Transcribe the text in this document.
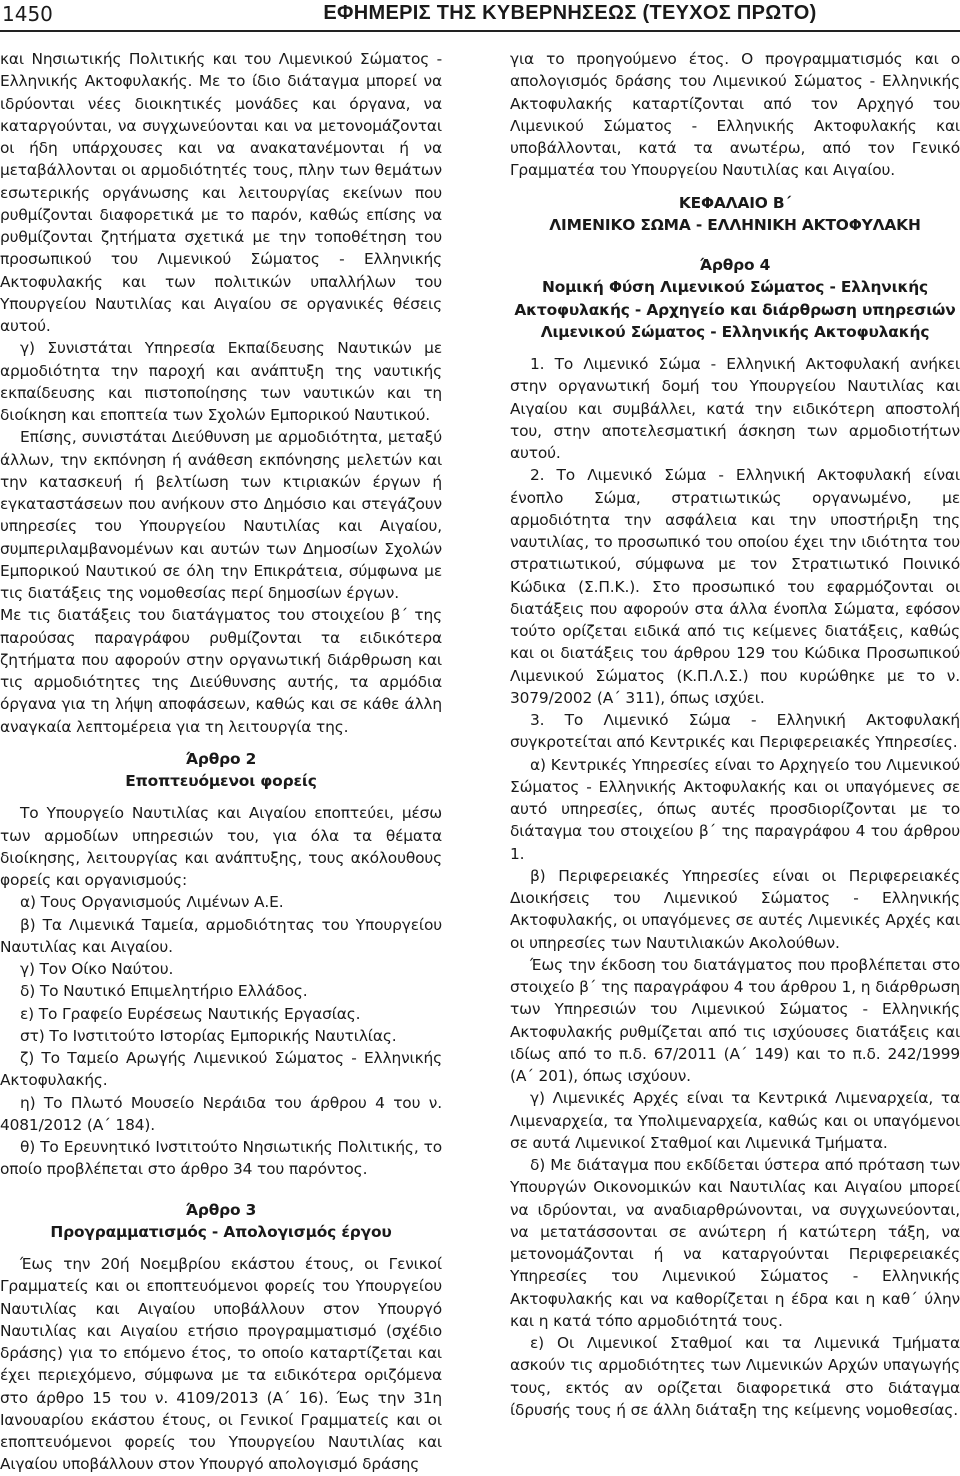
1450	ΕΦΗΜΕΡΙΣ ΤΗΣ ΚΥΒΕΡΝΗΣΕΩΣ (ΤΕΥΧΟΣ ΠΡΩΤΟ)

και Νησιωτικής Πολιτικής και του Λιμενικού Σώματος - Ελληνικής Ακτοφυλακής. Με το ίδιο διάταγμα μπορεί να ιδρύονται νέες διοικητικές μονάδες και όργανα, να καταργούνται, να συγχωνεύονται και να μετονομάζονται οι ήδη υπάρχουσες και να ανακατανέμονται ή να μεταβάλλονται οι αρμοδιότητές τους, πλην των θεμάτων εσωτερικής οργάνωσης και λειτουργίας εκείνων που ρυθμίζονται διαφορετικά με το παρόν, καθώς επίσης να ρυθμίζονται ζητήματα σχετικά με την τοποθέτηση του προσωπικού του Λιμενικού Σώματος - Ελληνικής Ακτοφυλακής και των πολιτικών υπαλλήλων του Υπουργείου Ναυτιλίας και Αιγαίου σε οργανικές θέσεις αυτού.

γ) Συνιστάται Υπηρεσία Εκπαίδευσης Ναυτικών με αρμοδιότητα την παροχή και ανάπτυξη της ναυτικής εκπαίδευσης και πιστοποίησης των ναυτικών και τη διοίκηση και εποπτεία των Σχολών Εμπορικού Ναυτικού.

Επίσης, συνιστάται Διεύθυνση με αρμοδιότητα, μεταξύ άλλων, την εκπόνηση ή ανάθεση εκπόνησης μελετών και την κατασκευή ή βελτίωση των κτιριακών έργων ή εγκαταστάσεων που ανήκουν στο Δημόσιο και στεγάζουν υπηρεσίες του Υπουργείου Ναυτιλίας και Αιγαίου, συμπεριλαμβανομένων και αυτών των Δημοσίων Σχολών Εμπορικού Ναυτικού σε όλη την Επικράτεια, σύμφωνα με τις διατάξεις της νομοθεσίας περί δημοσίων έργων.

Με τις διατάξεις του διατάγματος του στοιχείου β΄ της παρούσας παραγράφου ρυθμίζονται τα ειδικότερα ζητήματα που αφορούν στην οργανωτική διάρθρωση και τις αρμοδιότητες της Διεύθυνσης αυτής, τα αρμόδια όργανα για τη λήψη αποφάσεων, καθώς και σε κάθε άλλη αναγκαία λεπτομέρεια για τη λειτουργία της.

Άρθρο 2
Εποπτευόμενοι φορείς

Το Υπουργείο Ναυτιλίας και Αιγαίου εποπτεύει, μέσω των αρμοδίων υπηρεσιών του, για όλα τα θέματα διοίκησης, λειτουργίας και ανάπτυξης, τους ακόλουθους φορείς και οργανισμούς:

α) Τους Οργανισμούς Λιμένων Α.Ε.

β) Τα Λιμενικά Ταμεία, αρμοδιότητας του Υπουργείου Ναυτιλίας και Αιγαίου.

γ) Τον Οίκο Ναύτου.

δ) Το Ναυτικό Επιμελητήριο Ελλάδος.

ε) Το Γραφείο Ευρέσεως Ναυτικής Εργασίας.

στ) Το Ινστιτούτο Ιστορίας Εμπορικής Ναυτιλίας.

ζ) Το Ταμείο Αρωγής Λιμενικού Σώματος - Ελληνικής Ακτοφυλακής.

η) Το Πλωτό Μουσείο Νεράιδα του άρθρου 4 του ν. 4081/2012 (Α΄ 184).

θ) Το Ερευνητικό Ινστιτούτο Νησιωτικής Πολιτικής, το οποίο προβλέπεται στο άρθρο 34 του παρόντος.

Άρθρο 3
Προγραμματισμός - Απολογισμός έργου

Έως την 20ή Νοεμβρίου εκάστου έτους, οι Γενικοί Γραμματείς και οι εποπτευόμενοι φορείς του Υπουργείου Ναυτιλίας και Αιγαίου υποβάλλουν στον Υπουργό Ναυτιλίας και Αιγαίου ετήσιο προγραμματισμό (σχέδιο δράσης) για το επόμενο έτος, το οποίο καταρτίζεται και έχει περιεχόμενο, σύμφωνα με τα ειδικότερα οριζόμενα στο άρθρο 15 του ν. 4109/2013 (Α΄ 16). Έως την 31η Ιανουαρίου εκάστου έτους, οι Γενικοί Γραμματείς και οι εποπτευόμενοι φορείς του Υπουργείου Ναυτιλίας και Αιγαίου υποβάλλουν στον Υπουργό απολογισμό δράσης

για το προηγούμενο έτος. Ο προγραμματισμός και ο απολογισμός δράσης του Λιμενικού Σώματος - Ελληνικής Ακτοφυλακής καταρτίζονται από τον Αρχηγό του Λιμενικού Σώματος - Ελληνικής Ακτοφυλακής και υποβάλλονται, κατά τα ανωτέρω, από τον Γενικό Γραμματέα του Υπουργείου Ναυτιλίας και Αιγαίου.

ΚΕΦΑΛΑΙΟ Β΄
ΛΙΜΕΝΙΚΟ ΣΩΜΑ - ΕΛΛΗΝΙΚΗ ΑΚΤΟΦΥΛΑΚΗ
Άρθρο 4
Νομική Φύση Λιμενικού Σώματος - Ελληνικής Ακτοφυλακής - Αρχηγείο και διάρθρωση υπηρεσιών Λιμενικού Σώματος - Ελληνικής Ακτοφυλακής

1. Το Λιμενικό Σώμα - Ελληνική Ακτοφυλακή ανήκει στην οργανωτική δομή του Υπουργείου Ναυτιλίας και Αιγαίου και συμβάλλει, κατά την ειδικότερη αποστολή του, στην αποτελεσματική άσκηση των αρμοδιοτήτων αυτού.

2. Το Λιμενικό Σώμα - Ελληνική Ακτοφυλακή είναι ένοπλο Σώμα, στρατιωτικώς οργανωμένο, με αρμοδιότητα την ασφάλεια και την υποστήριξη της ναυτιλίας, το προσωπικό του οποίου έχει την ιδιότητα του στρατιωτικού, σύμφωνα με τον Στρατιωτικό Ποινικό Κώδικα (Σ.Π.Κ.). Στο προσωπικό του εφαρμόζονται οι διατάξεις που αφορούν στα άλλα ένοπλα Σώματα, εφόσον τούτο ορίζεται ειδικά από τις κείμενες διατάξεις, καθώς και οι διατάξεις του άρθρου 129 του Κώδικα Προσωπικού Λιμενικού Σώματος (Κ.Π.Λ.Σ.) που κυρώθηκε με το ν. 3079/2002 (Α΄ 311), όπως ισχύει.

3. Το Λιμενικό Σώμα - Ελληνική Ακτοφυλακή συγκροτείται από Κεντρικές και Περιφερειακές Υπηρεσίες.

α) Κεντρικές Υπηρεσίες είναι το Αρχηγείο του Λιμενικού Σώματος - Ελληνικής Ακτοφυλακής και οι υπαγόμενες σε αυτό υπηρεσίες, όπως αυτές προσδιορίζονται με το διάταγμα του στοιχείου β΄ της παραγράφου 4 του άρθρου 1.

β) Περιφερειακές Υπηρεσίες είναι οι Περιφερειακές Διοικήσεις του Λιμενικού Σώματος - Ελληνικής Ακτοφυλακής, οι υπαγόμενες σε αυτές Λιμενικές Αρχές και οι υπηρεσίες των Ναυτιλιακών Ακολούθων.

Έως την έκδοση του διατάγματος που προβλέπεται στο στοιχείο β΄ της παραγράφου 4 του άρθρου 1, η διάρθρωση των Υπηρεσιών του Λιμενικού Σώματος - Ελληνικής Ακτοφυλακής ρυθμίζεται από τις ισχύουσες διατάξεις και ιδίως από το π.δ. 67/2011 (Α΄ 149) και το π.δ. 242/1999 (Α΄ 201), όπως ισχύουν.

γ) Λιμενικές Αρχές είναι τα Κεντρικά Λιμεναρχεία, τα Λιμεναρχεία, τα Υπολιμεναρχεία, καθώς και οι υπαγόμενοι σε αυτά Λιμενικοί Σταθμοί και Λιμενικά Τμήματα.

δ) Με διάταγμα που εκδίδεται ύστερα από πρόταση των Υπουργών Οικονομικών και Ναυτιλίας και Αιγαίου μπορεί να ιδρύονται, να αναδιαρθρώνονται, να συγχωνεύονται, να μετατάσσονται σε ανώτερη ή κατώτερη τάξη, να μετονομάζονται ή να καταργούνται Περιφερειακές Υπηρεσίες του Λιμενικού Σώματος - Ελληνικής Ακτοφυλακής και να καθορίζεται η έδρα και η καθ΄ ύλην και η κατά τόπο αρμοδιότητά τους.

ε) Οι Λιμενικοί Σταθμοί και τα Λιμενικά Τμήματα ασκούν τις αρμοδιότητες των Λιμενικών Αρχών υπαγωγής τους, εκτός αν ορίζεται διαφορετικά στο διάταγμα ίδρυσής τους ή σε άλλη διάταξη της κείμενης νομοθεσίας.
